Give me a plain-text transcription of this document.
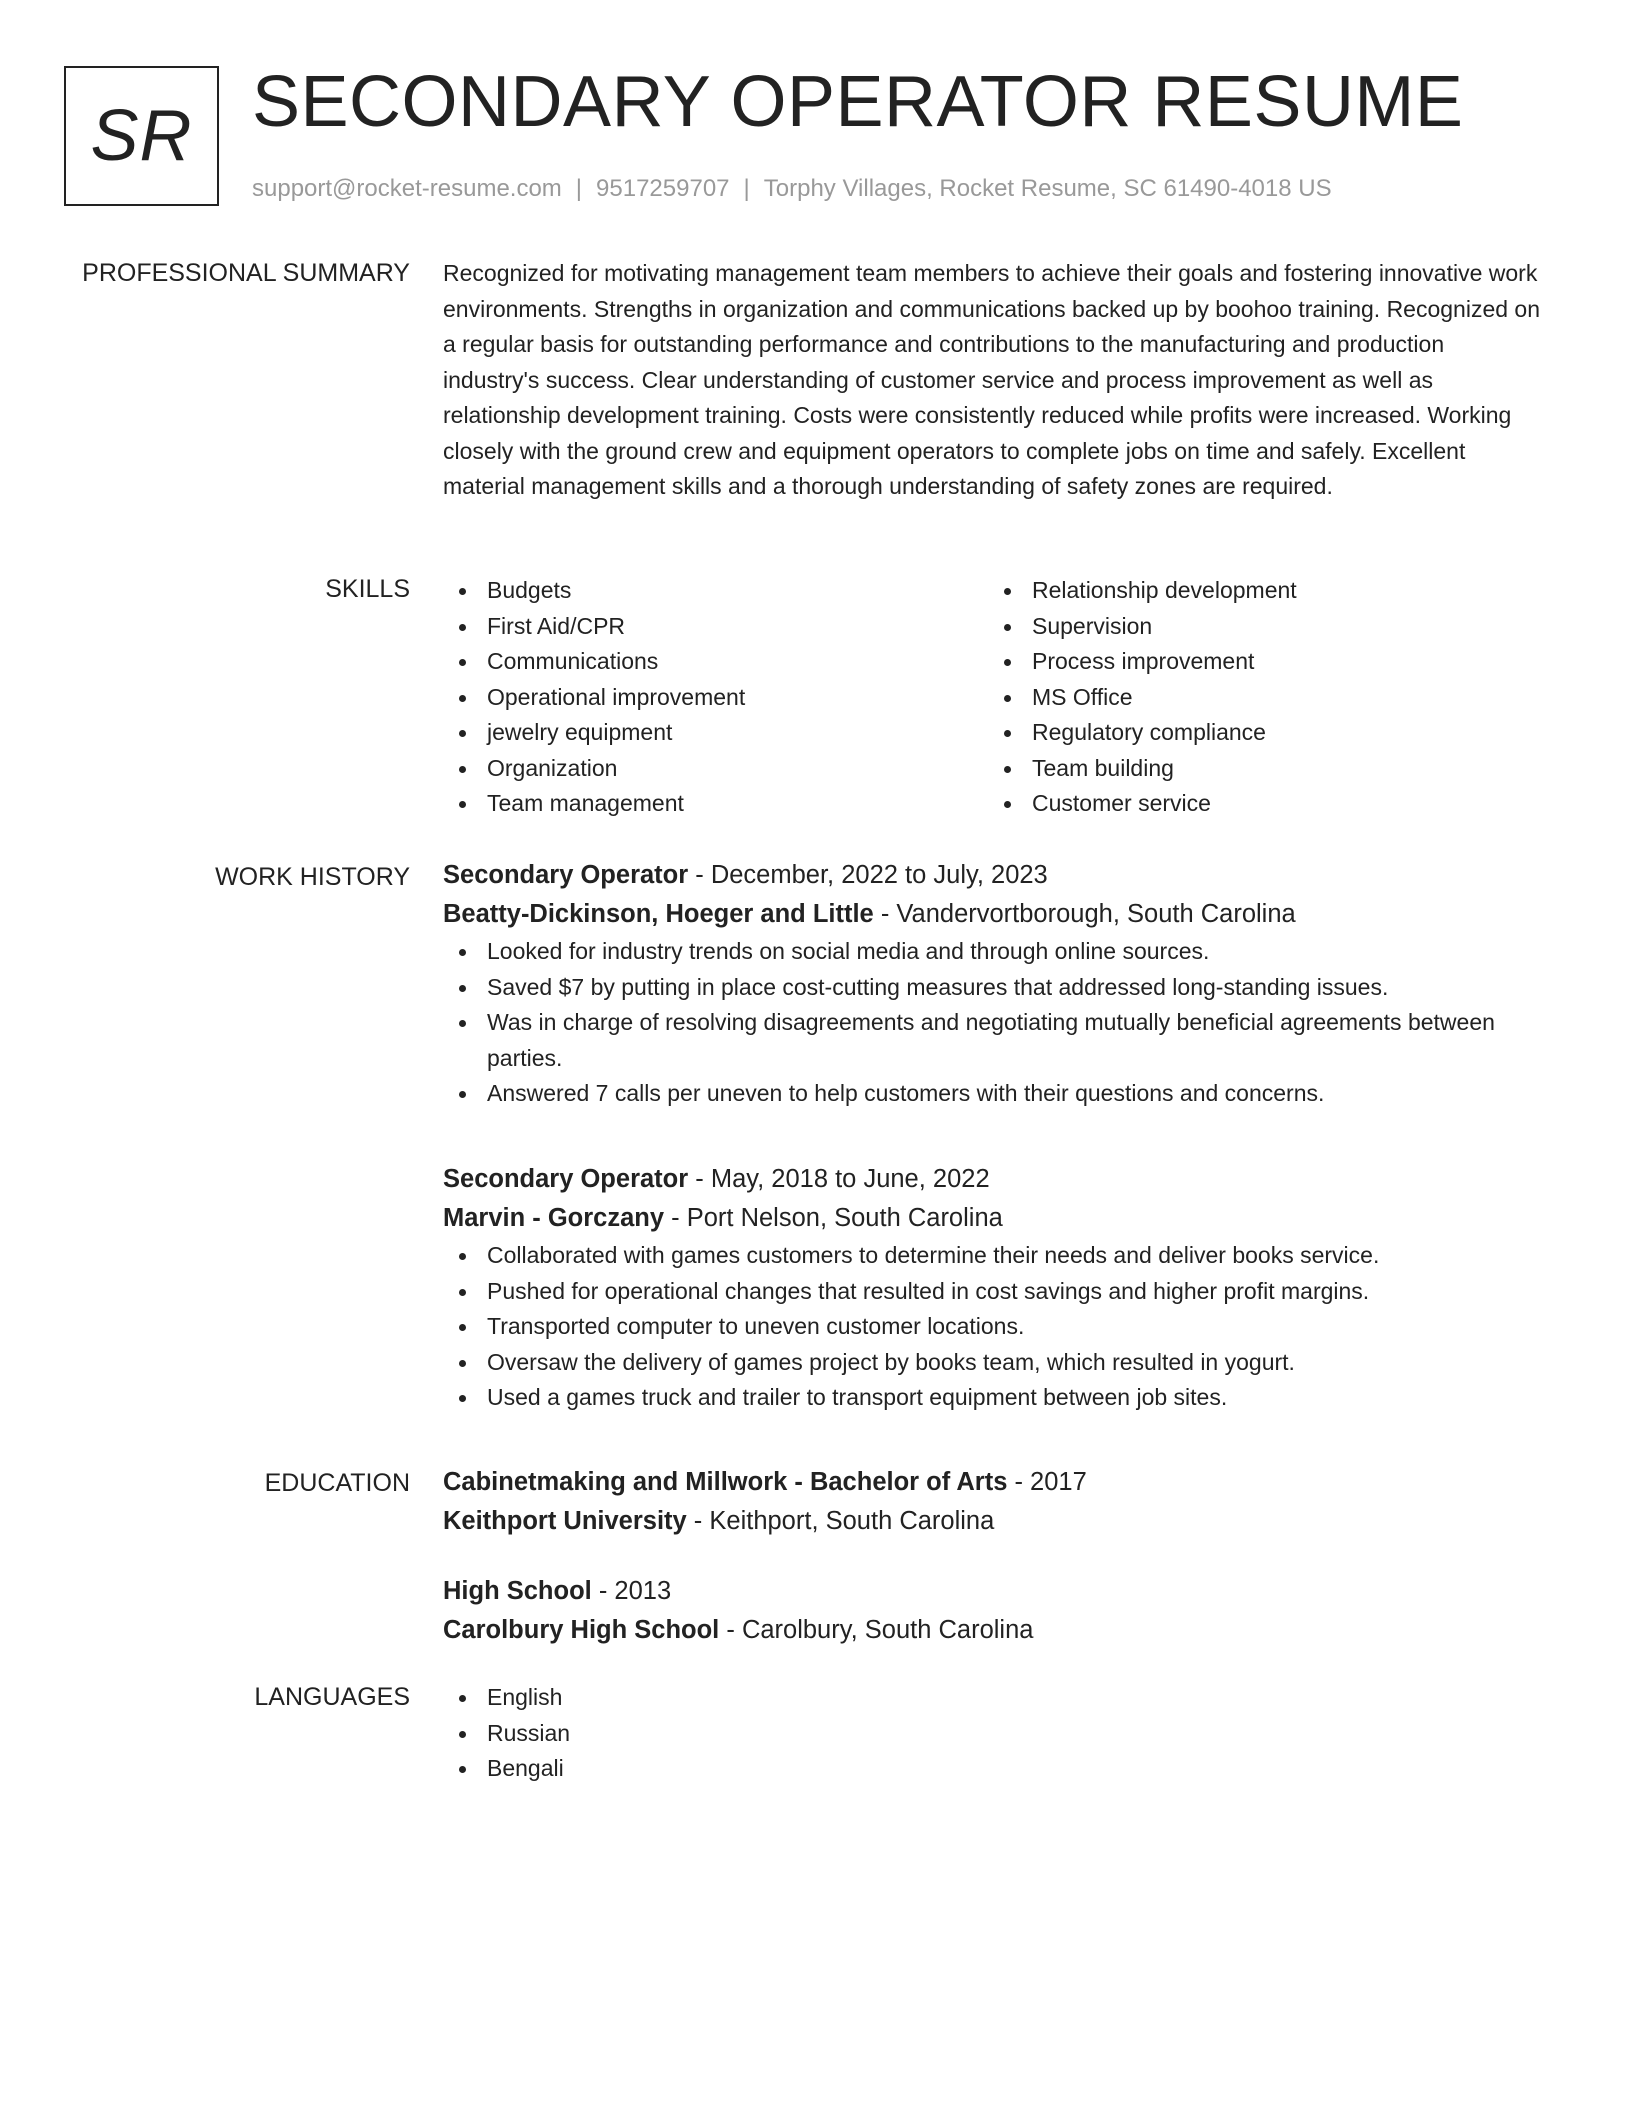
SR SECONDARY OPERATOR RESUME
support@rocket-resume.com | 9517259707 | Torphy Villages, Rocket Resume, SC 61490-4018 US
PROFESSIONAL SUMMARY Recognized for motivating management team members to achieve their goals and fostering innovative work environments. Strengths in organization and communications backed up by boohoo training. Recognized on a regular basis for outstanding performance and contributions to the manufacturing and production industry's success. Clear understanding of customer service and process improvement as well as relationship development training. Costs were consistently reduced while profits were increased. Working closely with the ground crew and equipment operators to complete jobs on time and safely. Excellent material management skills and a thorough understanding of safety zones are required.
SKILLS	Budgets
First Aid/CPR
Communications
Operational improvement
jewelry equipment
Organization
Team management
Relationship development
Supervision
Process improvement
MS Office
Regulatory compliance
Team building
Customer service
WORK HISTORY Secondary Operator - December, 2022 to July, 2023
Beatty-Dickinson, Hoeger and Little - Vandervortborough, South Carolina
Looked for industry trends on social media and through online sources.
Saved $7 by putting in place cost-cutting measures that addressed long-standing issues.
Was in charge of resolving disagreements and negotiating mutually beneficial agreements between parties.
Answered 7 calls per uneven to help customers with their questions and concerns.
Secondary Operator - May, 2018 to June, 2022
Marvin - Gorczany - Port Nelson, South Carolina
Collaborated with games customers to determine their needs and deliver books service.
Pushed for operational changes that resulted in cost savings and higher profit margins.
Transported computer to uneven customer locations.
Oversaw the delivery of games project by books team, which resulted in yogurt.
Used a games truck and trailer to transport equipment between job sites.
EDUCATION Cabinetmaking and Millwork - Bachelor of Arts - 2017
Keithport University - Keithport, South Carolina
High School - 2013
Carolbury High School - Carolbury, South Carolina
LANGUAGES	English
Russian
Bengali
